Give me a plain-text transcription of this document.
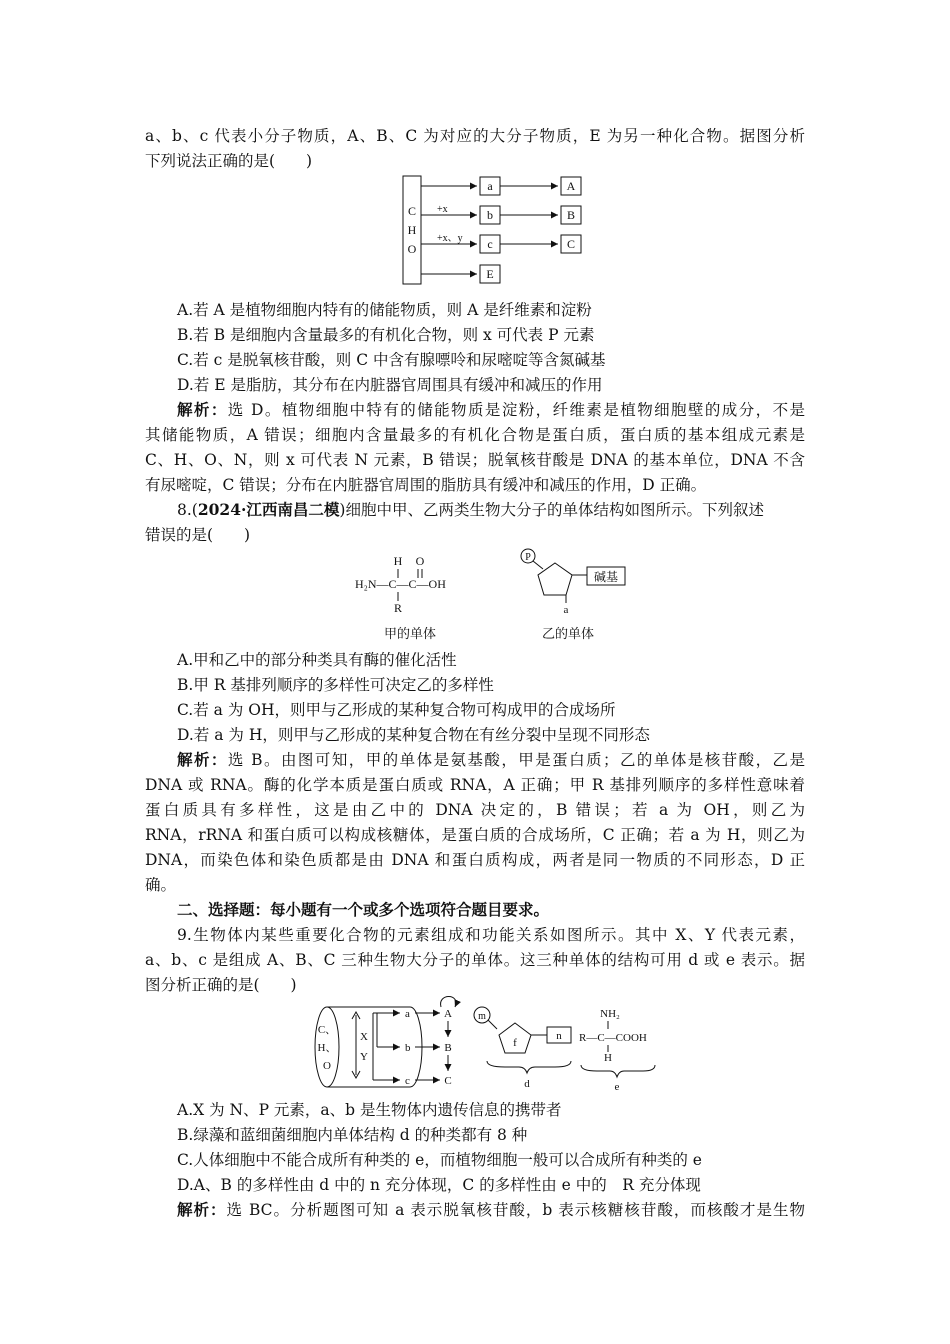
a、b、c 代表小分子物质，A、B、C 为对应的大分子物质，E 为另一种化合物。据图分析
下列说法正确的是(　　)
C
H
O
+x
+x、y
a
b
c
E
A
B
C
A.若 A 是植物细胞内特有的储能物质，则 A 是纤维素和淀粉
B.若 B 是细胞内含量最多的有机化合物，则 x 可代表 P 元素
C.若 c 是脱氧核苷酸，则 C 中含有腺嘌呤和尿嘧啶等含氮碱基
D.若 E 是脂肪，其分布在内脏器官周围具有缓冲和减压的作用
解析：选 D。植物细胞中特有的储能物质是淀粉，纤维素是植物细胞壁的成分，不是
其储能物质，A 错误；细胞内含量最多的有机化合物是蛋白质，蛋白质的基本组成元素是
C、H、O、N，则 x 可代表 N 元素，B 错误；脱氧核苷酸是 DNA 的基本单位，DNA 不含
有尿嘧啶，C 错误；分布在内脏器官周围的脂肪具有缓冲和减压的作用，D 正确。
8.(2024·江西南昌二模)细胞中甲、乙两类生物大分子的单体结构如图所示。下列叙述
错误的是(　　)
H O
H₂N—C—C—OH
R
甲的单体
P
碱基
a
乙的单体
A.甲和乙中的部分种类具有酶的催化活性
B.甲 R 基排列顺序的多样性可决定乙的多样性
C.若 a 为 OH，则甲与乙形成的某种复合物可构成甲的合成场所
D.若 a 为 H，则甲与乙形成的某种复合物在有丝分裂中呈现不同形态
解析：选 B。由图可知，甲的单体是氨基酸，甲是蛋白质；乙的单体是核苷酸，乙是
DNA 或 RNA。酶的化学本质是蛋白质或 RNA，A 正确；甲 R 基排列顺序的多样性意味着
蛋白质具有多样性，这是由乙中的 DNA 决定的，B 错误；若 a 为 OH，则乙为
RNA，rRNA 和蛋白质可以构成核糖体，是蛋白质的合成场所，C 正确；若 a 为 H，则乙为
DNA，而染色体和染色质都是由 DNA 和蛋白质构成，两者是同一物质的不同形态，D 正
确。
二、选择题：每小题有一个或多个选项符合题目要求。
9.生物体内某些重要化合物的元素组成和功能关系如图所示。其中 X、Y 代表元素，
a、b、c 是组成 A、B、C 三种生物大分子的单体。这三种单体的结构可用 d 或 e 表示。据
图分析正确的是(　　)
C、
H、
O
X
Y
a
b
c
A
B
C
m
f
n
d
NH₂
R—C—COOH
H
e
A.X 为 N、P 元素，a、b 是生物体内遗传信息的携带者
B.绿藻和蓝细菌细胞内单体结构 d 的种类都有 8 种
C.人体细胞中不能合成所有种类的 e，而植物细胞一般可以合成所有种类的 e
D.A、B 的多样性由 d 中的 n 充分体现，C 的多样性由 e 中的　R 充分体现
解析：选 BC。分析题图可知 a 表示脱氧核苷酸，b 表示核糖核苷酸，而核酸才是生物
